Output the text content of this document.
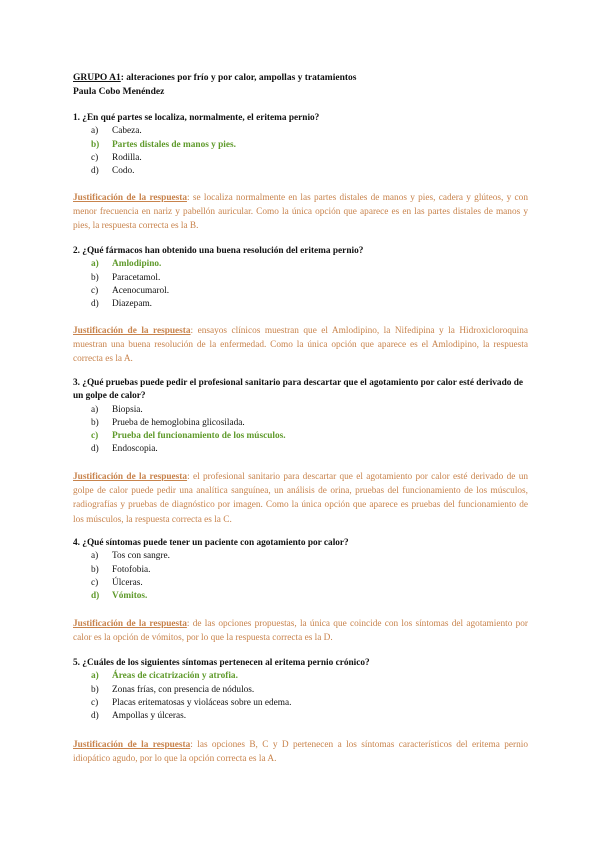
GRUPO A1: alteraciones por frío y por calor, ampollas y tratamientos
Paula Cobo Menéndez
1. ¿En qué partes se localiza, normalmente, el eritema pernio?
a)	Cabeza.
b)	Partes distales de manos y pies.
c)	Rodilla.
d)	Codo.
Justificación de la respuesta: se localiza normalmente en las partes distales de manos y pies, cadera y glúteos, y con menor frecuencia en nariz y pabellón auricular. Como la única opción que aparece es en las partes distales de manos y pies, la respuesta correcta es la B.
2. ¿Qué fármacos han obtenido una buena resolución del eritema pernio?
a)	Amlodipino.
b)	Paracetamol.
c)	Acenocumarol.
d)	Diazepam.
Justificación de la respuesta: ensayos clínicos muestran que el Amlodipino, la Nifedipina y la Hidroxicloroquina muestran una buena resolución de la enfermedad. Como la única opción que aparece es el Amlodipino, la respuesta correcta es la A.
3. ¿Qué pruebas puede pedir el profesional sanitario para descartar que el agotamiento por calor esté derivado de un golpe de calor?
a)	Biopsia.
b)	Prueba de hemoglobina glicosilada.
c)	Prueba del funcionamiento de los músculos.
d)	Endoscopia.
Justificación de la respuesta: el profesional sanitario para descartar que el agotamiento por calor esté derivado de un golpe de calor puede pedir una analítica sanguínea, un análisis de orina, pruebas del funcionamiento de los músculos, radiografías y pruebas de diagnóstico por imagen. Como la única opción que aparece es pruebas del funcionamiento de los músculos, la respuesta correcta es la C.
4. ¿Qué síntomas puede tener un paciente con agotamiento por calor?
a)	Tos con sangre.
b)	Fotofobia.
c)	Úlceras.
d)	Vómitos.
Justificación de la respuesta: de las opciones propuestas, la única que coincide con los síntomas del agotamiento por calor es la opción de vómitos, por lo que la respuesta correcta es la D.
5. ¿Cuáles de los siguientes síntomas pertenecen al eritema pernio crónico?
a)	Áreas de cicatrización y atrofia.
b)	Zonas frías, con presencia de nódulos.
c)	Placas eritematosas y violáceas sobre un edema.
d)	Ampollas y úlceras.
Justificación de la respuesta: las opciones B, C y D pertenecen a los síntomas característicos del eritema pernio idiopático agudo, por lo que la opción correcta es la A.
